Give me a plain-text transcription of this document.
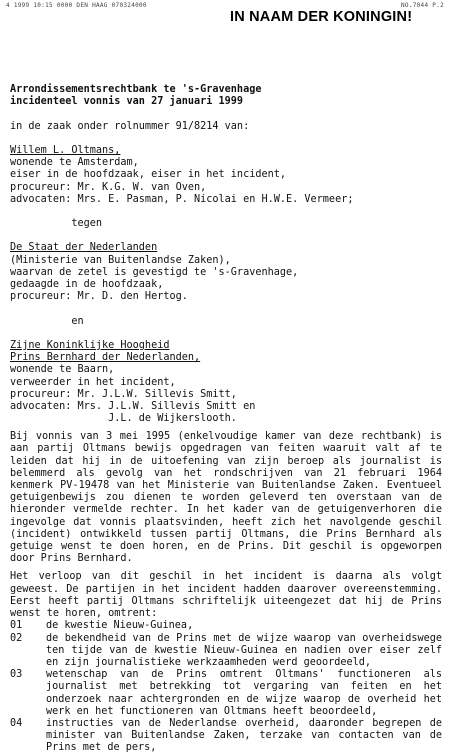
4 1999 10:15 0000 DEN HAAG 070324000	NO.7044 P.2
IN NAAM DER KONINGIN!
Arrondissementsrechtbank te 's-Gravenhage
incidenteel vonnis van 27 januari 1999
in de zaak onder rolnummer 91/8214 van:
Willem L. Oltmans,
wonende te Amsterdam,
eiser in de hoofdzaak, eiser in het incident,
procureur: Mr. K.G. W. van Oven,
advocaten: Mrs. E. Pasman, P. Nicolai en H.W.E. Vermeer;
tegen
De Staat der Nederlanden
(Ministerie van Buitenlandse Zaken),
waarvan de zetel is gevestigd te 's-Gravenhage,
gedaagde in de hoofdzaak,
procureur: Mr. D. den Hertog.
en
Zijne Koninklijke Hoogheid
Prins Bernhard der Nederlanden,
wonende te Baarn,
verweerder in het incident,
procureur: Mr. J.L.W. Sillevis Smitt,
advocaten: Mrs. J.L.W. Sillevis Smitt en
J.L. de Wijkerslooth.
Bij vonnis van 3 mei 1995 (enkelvoudige kamer van deze rechtbank) is aan partij Oltmans bewijs opgedragen van feiten waaruit valt af te leiden dat hij in de uitoefening van zijn beroep als journalist is belemmerd als gevolg van het rondschrijven van 21 februari 1964 kenmerk PV-19478 van het Ministerie van Buitenlandse Zaken. Eventueel getuigenbewijs zou dienen te worden geleverd ten overstaan van de hieronder vermelde rechter. In het kader van de getuigenverhoren die ingevolge dat vonnis plaatsvinden, heeft zich het navolgende geschil (incident) ontwikkeld tussen partij Oltmans, die Prins Bernhard als getuige wenst te doen horen, en de Prins. Dit geschil is opgeworpen door Prins Bernhard.
Het verloop van dit geschil in het incident is daarna als volgt geweest. De partijen in het incident hadden daarover overeenstemming. Eerst heeft partij Oltmans schriftelijk uiteengezet dat hij de Prins wenst te horen, omtrent:
01	de kwestie Nieuw-Guinea,
02	de bekendheid van de Prins met de wijze waarop van overheidswege ten tijde van de kwestie Nieuw-Guinea en nadien over eiser zelf en zijn journalistieke werkzaamheden werd geoordeeld,
03	wetenschap van de Prins omtrent Oltmans' functioneren als journalist met betrekking tot vergaring van feiten en het onderzoek naar achtergronden en de wijze waarop de overheid het werk en het functioneren van Oltmans heeft beoordeeld,
04	instructies van de Nederlandse overheid, daaronder begrepen de minister van Buitenlandse Zaken, terzake van contacten van de Prins met de pers,
